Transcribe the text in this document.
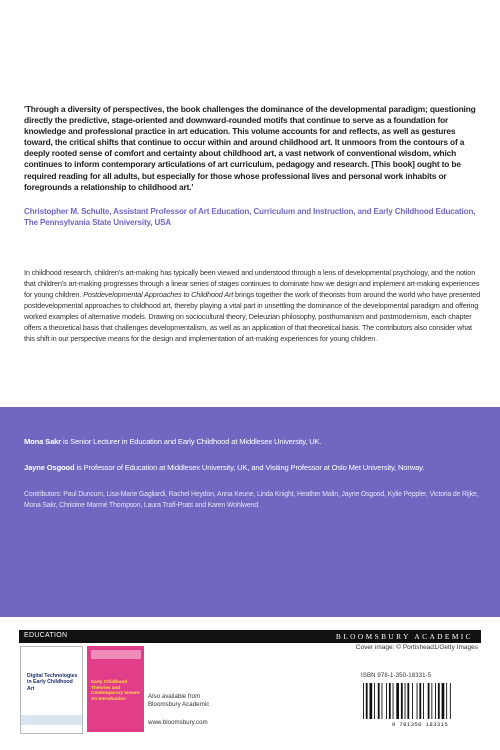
'Through a diversity of perspectives, the book challenges the dominance of the developmental paradigm; questioning directly the predictive, stage-oriented and downward-rounded motifs that continue to serve as a foundation for knowledge and professional practice in art education. This volume accounts for and reflects, as well as gestures toward, the critical shifts that continue to occur within and around childhood art. It unmoors from the contours of a deeply rooted sense of comfort and certainty about childhood art, a vast network of conventional wisdom, which continues to inform contemporary articulations of art curriculum, pedagogy and research. [This book] ought to be required reading for all adults, but especially for those whose professional lives and personal work inhabits or foregrounds a relationship to childhood art.'

Christopher M. Schulte, Assistant Professor of Art Education, Curriculum and Instruction, and Early Childhood Education, The Pennsylvania State University, USA

In childhood research, children’s art-making has typically been viewed and understood through a lens of developmental psychology, and the notion that children’s art-making progresses through a linear series of stages continues to dominate how we design and implement art-making experiences for young children. Postdevelopmental Approaches to Childhood Art brings together the work of theorists from around the world who have presented postdevelopmental approaches to childhood art, thereby playing a vital part in unsettling the dominance of the developmental paradigm and offering worked examples of alternative models. Drawing on sociocultural theory, Deleuzian philosophy, posthumanism and postmodernism, each chapter offers a theoretical basis that challenges developmentalism, as well as an application of that theoretical basis. The contributors also consider what this shift in our perspective means for the design and implementation of art-making experiences for young children.

Mona Sakr is Senior Lecturer in Education and Early Childhood at Middlesex University, UK.

Jayne Osgood is Professor of Education at Middlesex University, UK, and Visiting Professor at Oslo Met University, Norway.

Contributors: Paul Duncum, Lisa-Marie Gagliardi, Rachel Heydon, Anna Keune, Linda Knight, Heather Malin, Jayne Osgood, Kylie Peppler, Victoria de Rijke, Mona Sakr, Christine Marmé Thompson, Laura Trafí-Prats and Karen Wohlwend.

EDUCATION	BLOOMSBURY ACADEMIC
Digital Technologies in Early Childhood Art
Early Childhood Theories and Contemporary Issues: An Introduction	Also available from Bloomsbury Academic
www.bloomsbury.com
Cover image: © Portishead1/Getty Images
ISBN 978-1-350-18331-5
9 781350 183315
